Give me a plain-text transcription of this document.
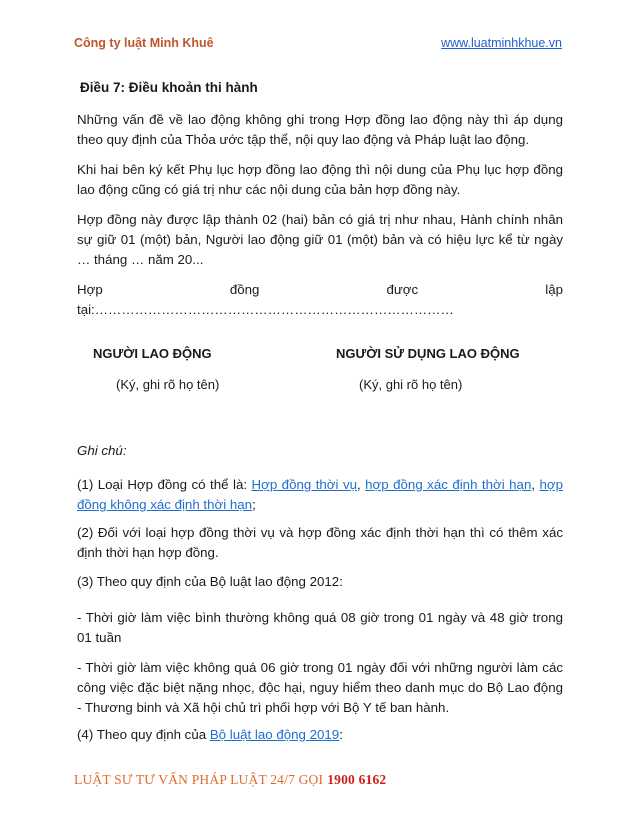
Công ty luật Minh Khuê	www.luatminhkhue.vn
Điều 7: Điều khoản thi hành

Những vấn đề về lao động không ghi trong Hợp đồng lao động này thì áp dụng theo quy định của Thỏa ước tập thể, nội quy lao động và Pháp luật lao động.

Khi hai bên ký kết Phụ lục hợp đồng lao động thì nội dung của Phụ lục hợp đồng lao động cũng có giá trị như các nội dung của bản hợp đồng này.

Hợp đồng này được lập thành 02 (hai) bản có giá trị như nhau, Hành chính nhân sự giữ 01 (một) bản, Người lao động giữ 01 (một) bản và có hiệu lực kể từ ngày … tháng … năm 20...

Hợp đồng được lập tại:………………………………………………………………………

NGƯỜI LAO ĐỘNG
(Ký, ghi rõ họ tên)
NGƯỜI SỬ DỤNG LAO ĐỘNG
(Ký, ghi rõ họ tên)
Ghi chú:

(1) Loại Hợp đồng có thể là: Hợp đồng thời vụ, hợp đồng xác định thời hạn, hợp đồng không xác định thời hạn;

(2) Đối với loại hợp đồng thời vụ và hợp đồng xác định thời hạn thì có thêm xác định thời hạn hợp đồng.

(3) Theo quy định của Bộ luật lao động 2012:

- Thời giờ làm việc bình thường không quá 08 giờ trong 01 ngày và 48 giờ trong 01 tuần

- Thời giờ làm việc không quá 06 giờ trong 01 ngày đối với những người làm các công việc đặc biệt nặng nhọc, độc hại, nguy hiểm theo danh mục do Bộ Lao động - Thương binh và Xã hội chủ trì phối hợp với Bộ Y tế ban hành.

(4) Theo quy định của Bộ luật lao động 2019:

LUẬT SƯ TƯ VẤN PHÁP LUẬT 24/7 GỌI 1900 6162
